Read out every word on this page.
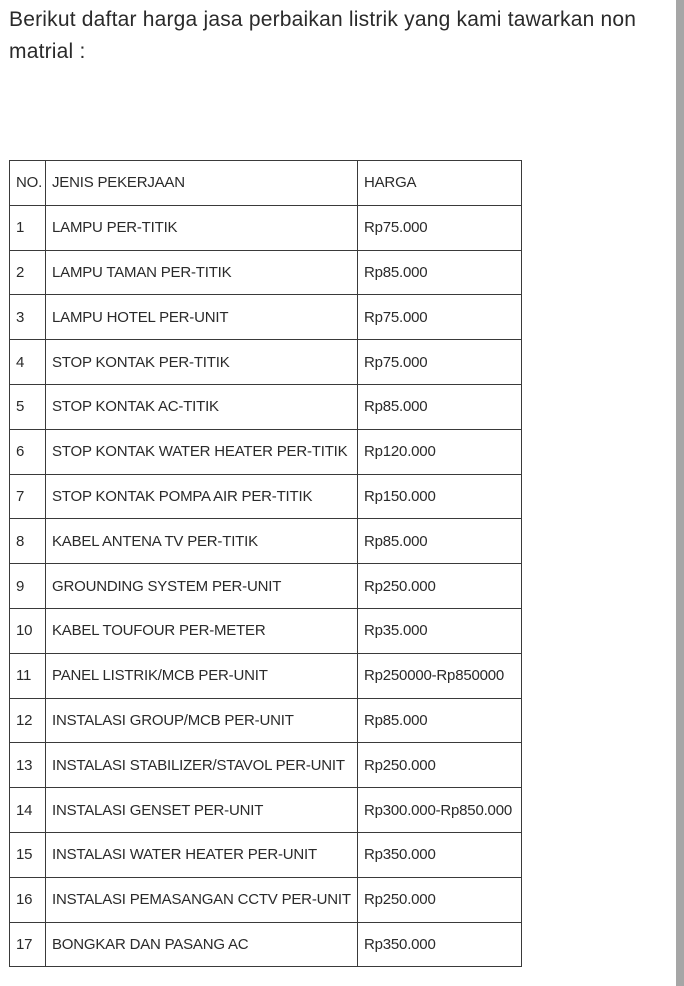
Berikut daftar harga jasa perbaikan listrik yang kami tawarkan non matrial :

NO.	JENIS PEKERJAAN	HARGA
1	LAMPU PER-TITIK	Rp75.000
2	LAMPU TAMAN PER-TITIK	Rp85.000
3	LAMPU HOTEL PER-UNIT	Rp75.000
4	STOP KONTAK PER-TITIK	Rp75.000
5	STOP KONTAK AC-TITIK	Rp85.000
6	STOP KONTAK WATER HEATER PER-TITIK	Rp120.000
7	STOP KONTAK POMPA AIR PER-TITIK	Rp150.000
8	KABEL ANTENA TV PER-TITIK	Rp85.000
9	GROUNDING SYSTEM PER-UNIT	Rp250.000
10	KABEL TOUFOUR PER-METER	Rp35.000
11	PANEL LISTRIK/MCB PER-UNIT	Rp250000-Rp850000
12	INSTALASI GROUP/MCB PER-UNIT	Rp85.000
13	INSTALASI STABILIZER/STAVOL PER-UNIT	Rp250.000
14	INSTALASI GENSET PER-UNIT	Rp300.000-Rp850.000
15	INSTALASI WATER HEATER PER-UNIT	Rp350.000
16	INSTALASI PEMASANGAN CCTV PER-UNIT	Rp250.000
17	BONGKAR DAN PASANG AC	Rp350.000
